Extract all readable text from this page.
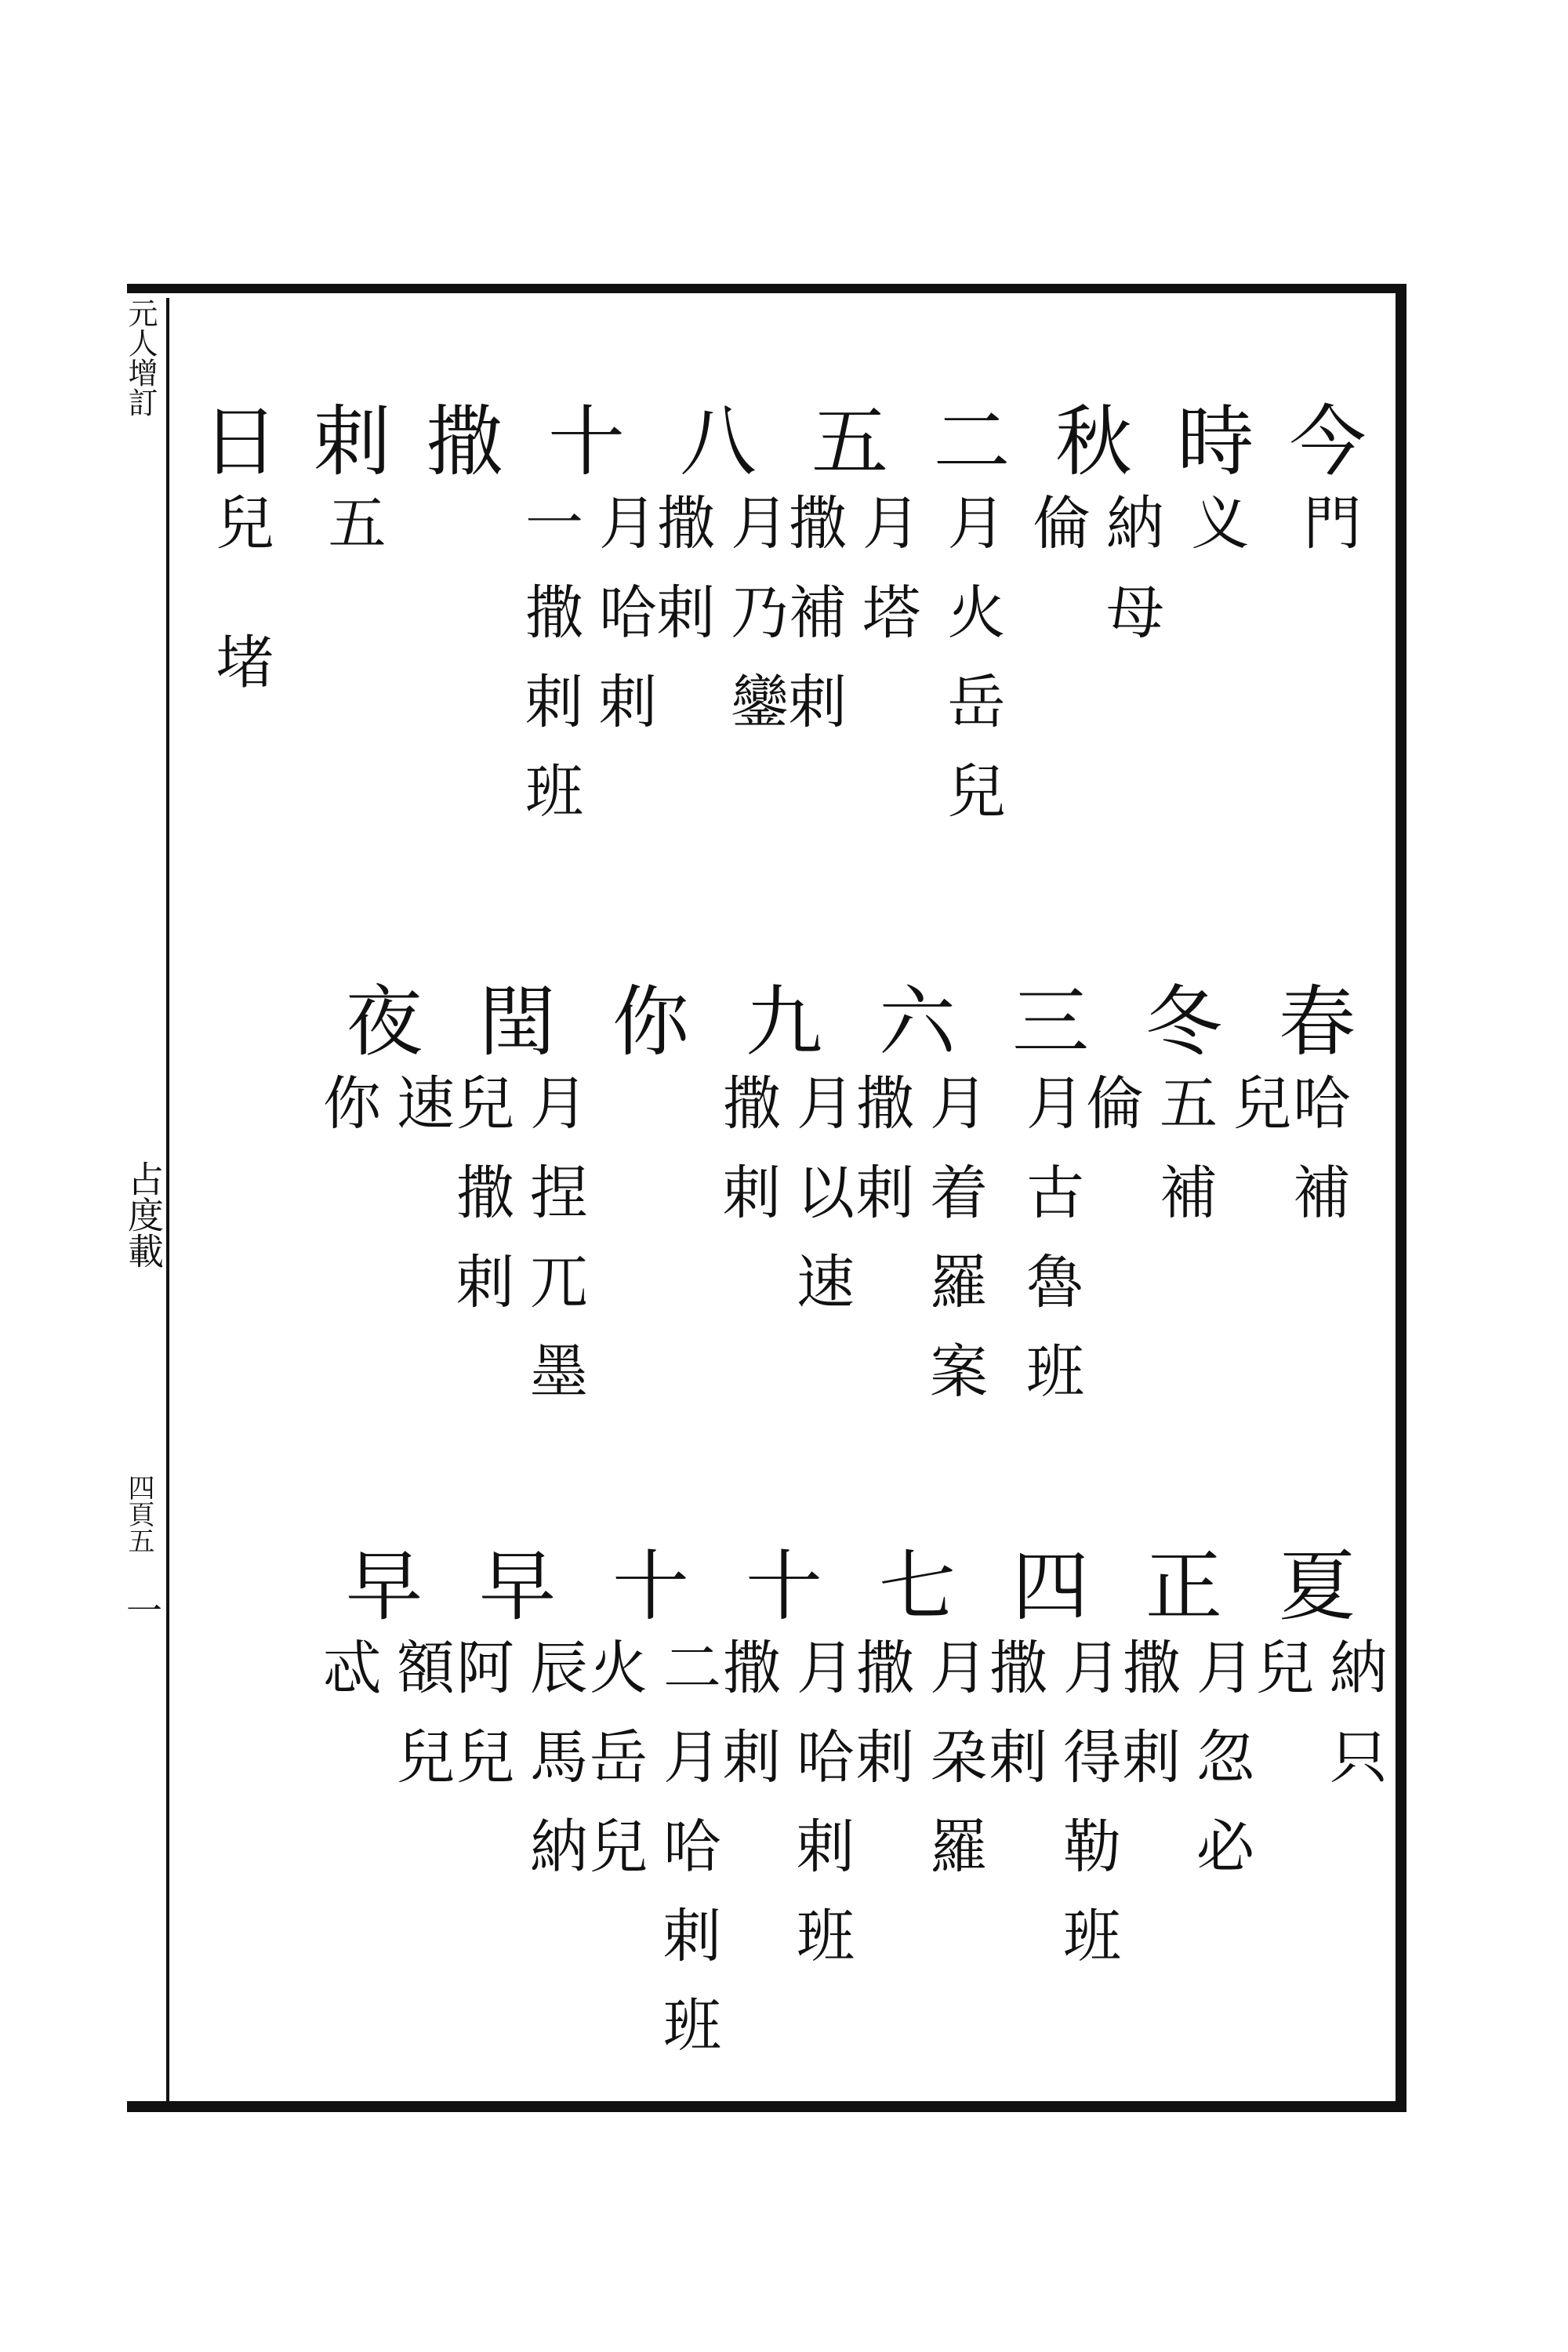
元人增訂
占度載
四頁五
一
今
門
時
义
秋
納母
倫
二
月火岳兒
五
月塔
撒補剌
八
月乃鑾
撒剌
十
月哈剌
一撒剌班
撒
剌
五
日
兒 堵
春
哈補
冬
兒
五補
倫
三
月古魯班
六
月着羅案
撒剌
九
月以速
撒剌
你
閏
月捏兀墨
兒撒剌
夜
速
你
夏
納只
兒
正
月忽必
撒剌
四
月得勒班
撒剌
七
月朶羅
撒剌
十
月哈剌班
撒剌
十
二月哈剌班
火岳兒
早
辰馬納
阿兒
早
額兒
忒
